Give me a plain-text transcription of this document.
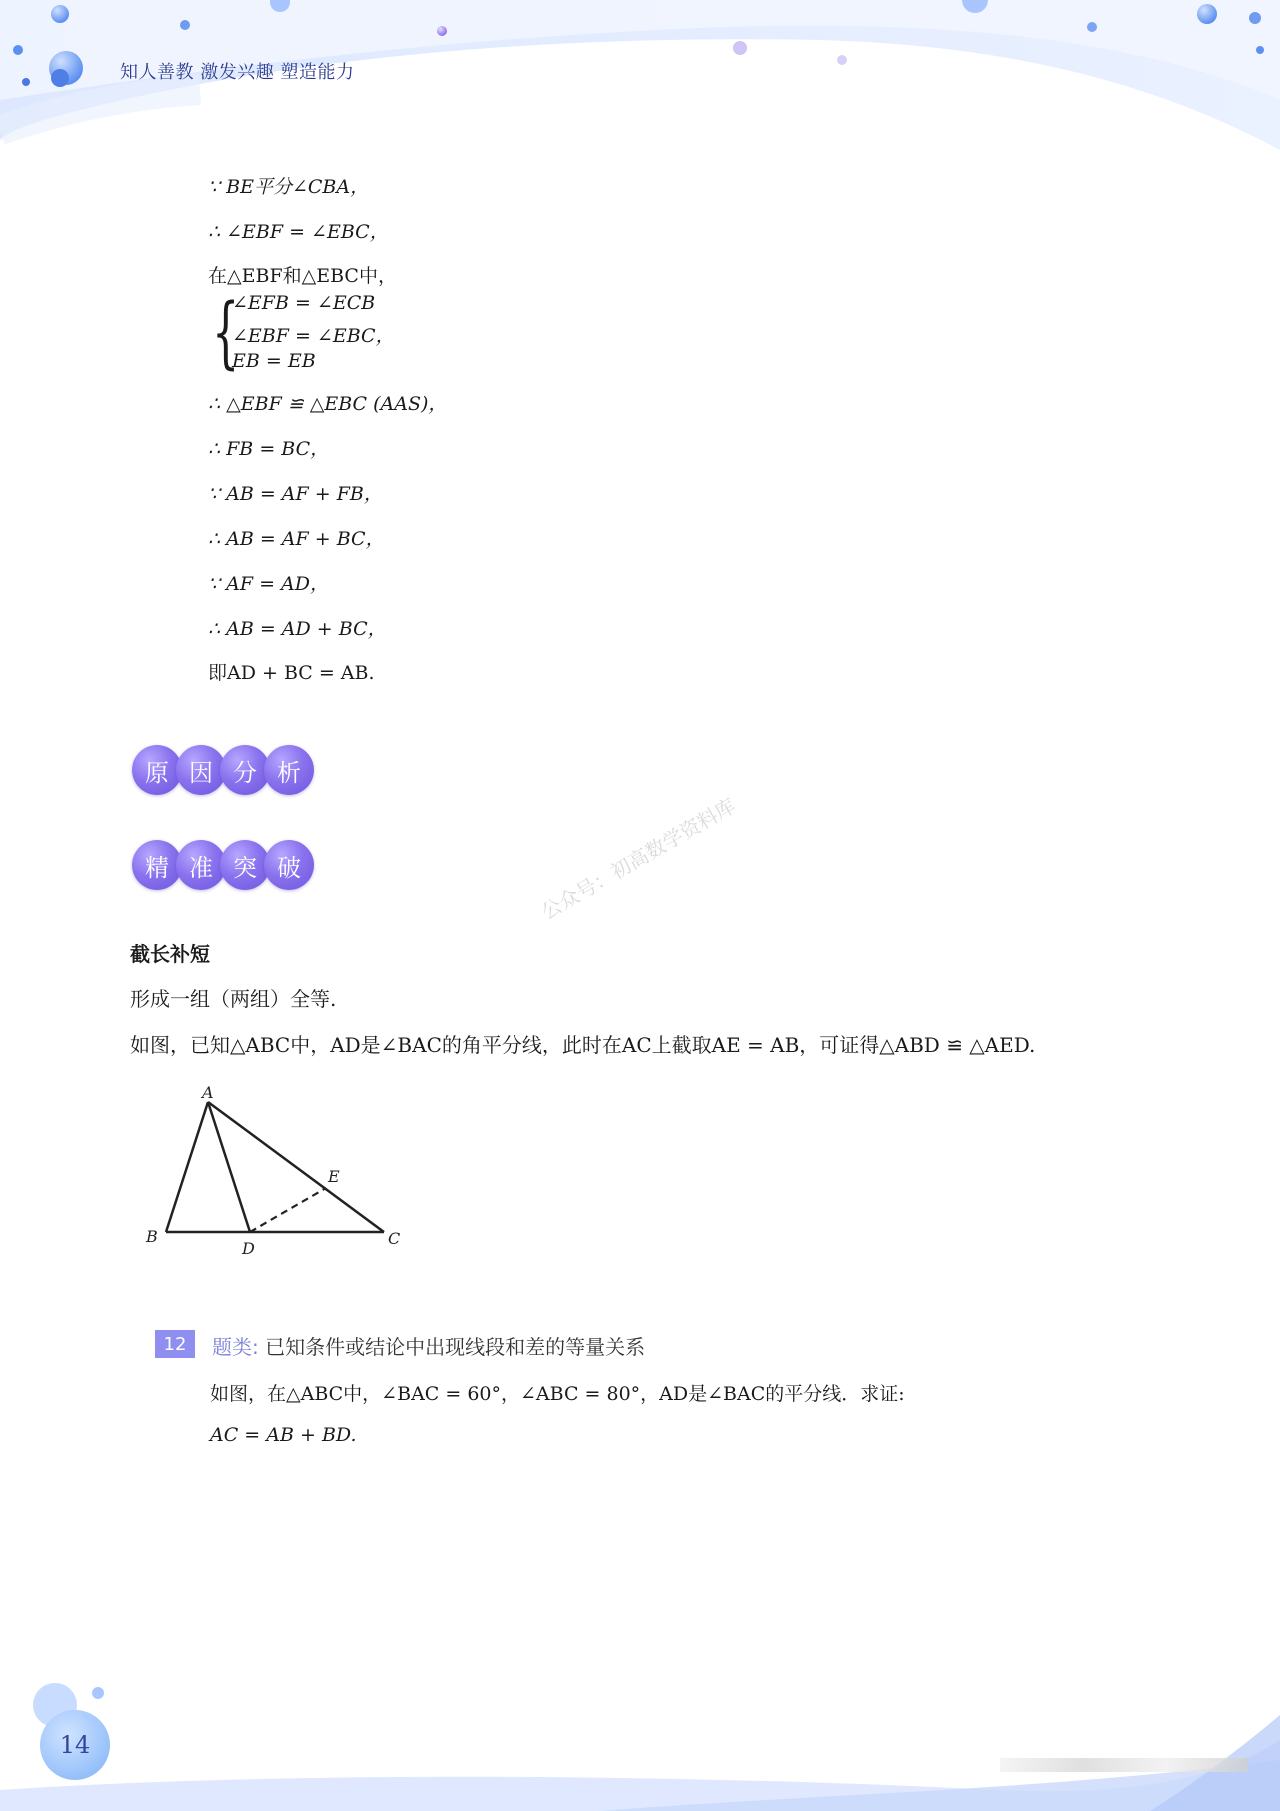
知人善教 激发兴趣 塑造能力
∵ BE平分∠CBA，
∴ ∠EBF = ∠EBC，
在△EBF和△EBC中，
∴ △EBF ≌ △EBC (AAS)，
∴ FB = BC，
∵ AB = AF + FB，
∴ AB = AF + BC，
∵ AF = AD，
∴ AB = AD + BC，
即AD + BC = AB.
{
∠EFB = ∠ECB
∠EBF = ∠EBC，
EB = EB
原 因 分 析
精 准 突 破	公众号：初高数学资料库
截长补短
形成一组（两组）全等.
如图，已知△ABC中，AD是∠BAC的角平分线，此时在AC上截取AE = AB，可证得△ABD ≌ △AED.
A
B	C
D
E
12	题类: 已知条件或结论中出现线段和差的等量关系
如图，在△ABC中，∠BAC = 60°，∠ABC = 80°，AD是∠BAC的平分线．求证:
AC = AB + BD.
14
